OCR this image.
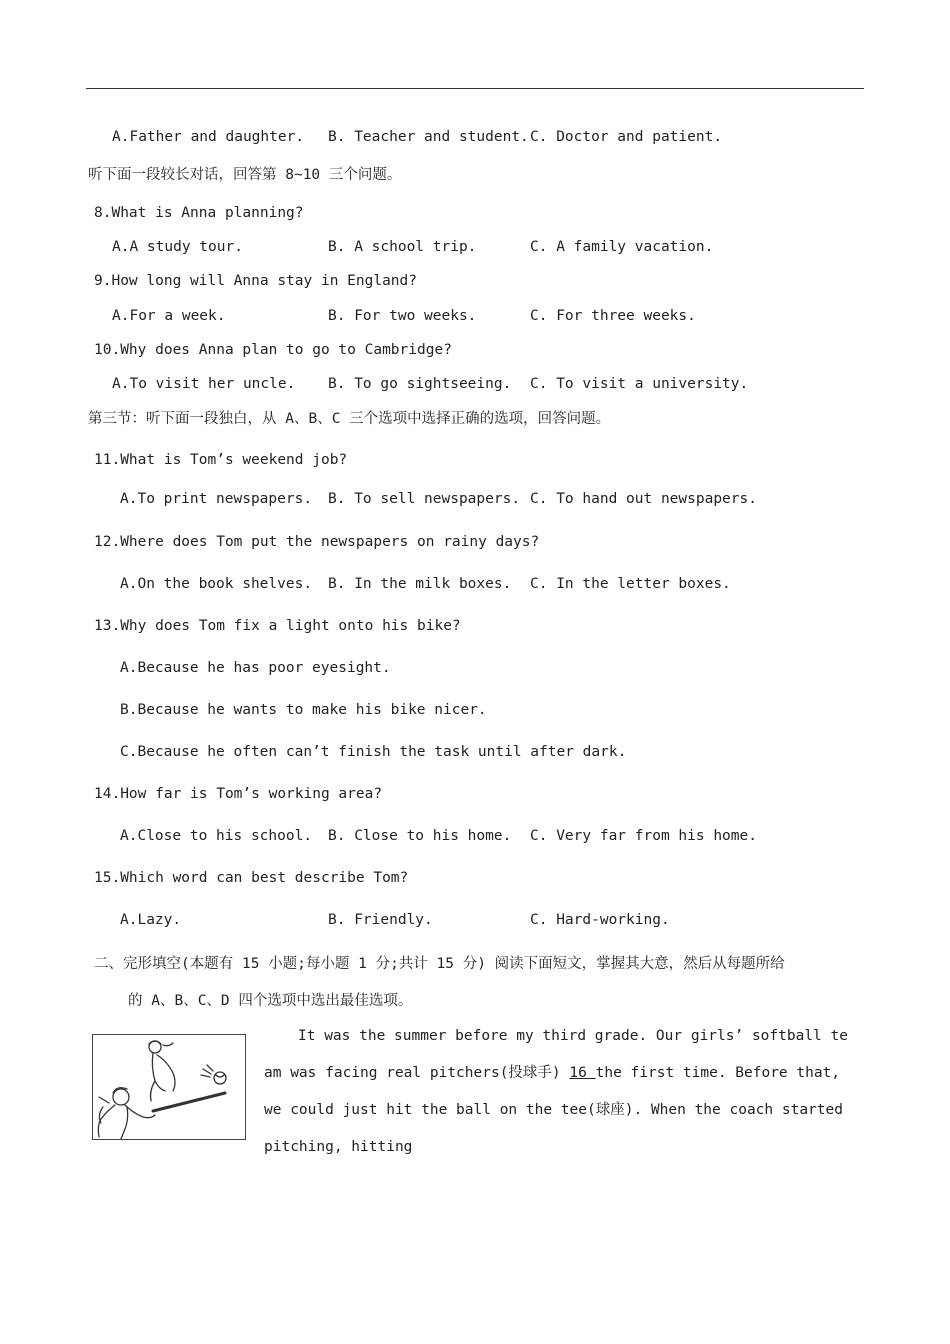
A.Father and daughter. B. Teacher and student. C. Doctor and patient.
听下面一段较长对话，回答第 8~10 三个问题。
8.What is Anna planning?
A.A study tour.	B. A school trip.	C. A family vacation.
9.How long will Anna stay in England?
A.For a week.	B. For two weeks.	C. For three weeks.
10.Why does Anna plan to go to Cambridge?
A.To visit her uncle. B. To go sightseeing. C. To visit a university.
第三节：听下面一段独白，从 A、B、C 三个选项中选择正确的选项，回答问题。
11.What is Tom’s weekend job?
A.To print newspapers. B. To sell newspapers. C. To hand out newspapers.
12.Where does Tom put the newspapers on rainy days?
A.On the book shelves. B. In the milk boxes. C. In the letter boxes.
13.Why does Tom fix a light onto his bike?
A.Because he has poor eyesight.
B.Because he wants to make his bike nicer.
C.Because he often can’t finish the task until after dark.
14.How far is Tom’s working area?
A.Close to his school. B. Close to his home. C. Very far from his home.
15.Which word can best describe Tom?
A.Lazy.	B. Friendly.	C. Hard-working.
二、完形填空(本题有 15 小题;每小题 1 分;共计 15 分) 阅读下面短文，掌握其大意，然后从每题所给
的 A、B、C、D 四个选项中选出最佳选项。
It was the summer before my third grade. Our girls’ softball team was facing real pitchers(投球手) 16 the first time. Before that, we could just hit the ball on the tee(球座). When the coach started pitching, hitting
